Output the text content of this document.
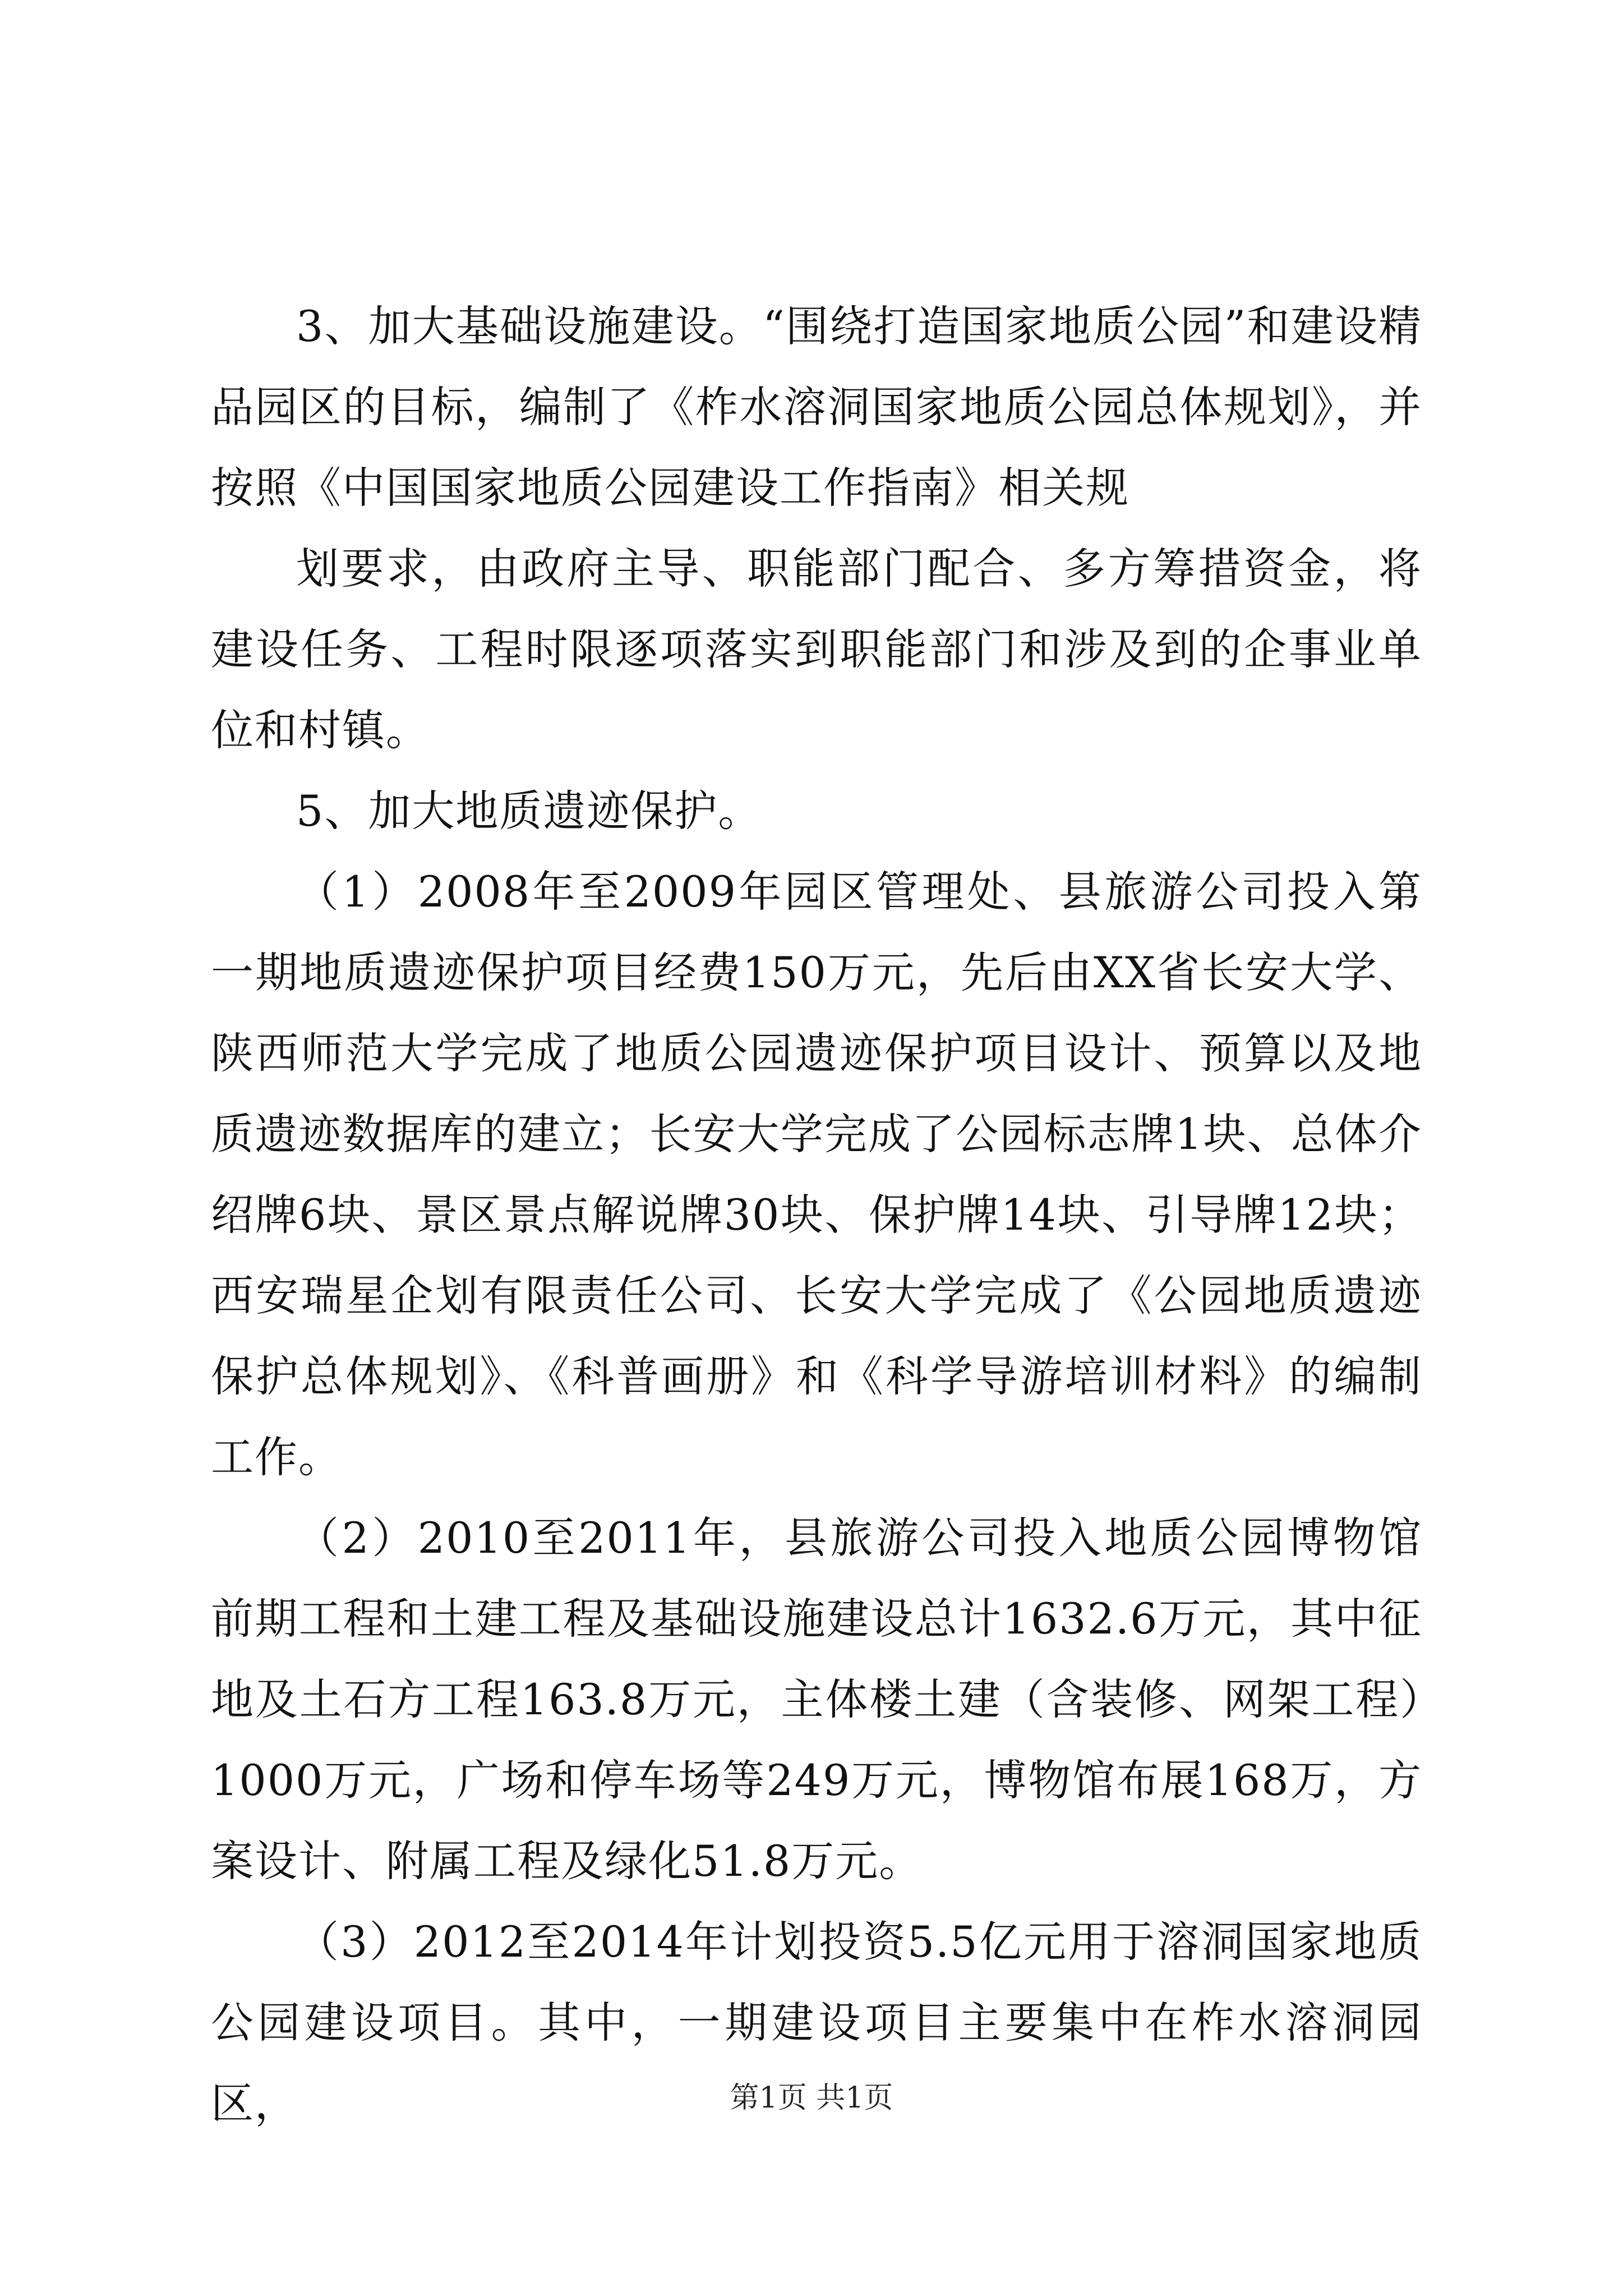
3、加大基础设施建设。“围绕打造国家地质公园”和建设精品园区的目标，编制了《柞水溶洞国家地质公园总体规划》，并按照《中国国家地质公园建设工作指南》相关规

划要求，由政府主导、职能部门配合、多方筹措资金，将建设任务、工程时限逐项落实到职能部门和涉及到的企事业单位和村镇。

5、加大地质遗迹保护。

（1）2008年至2009年园区管理处、县旅游公司投入第一期地质遗迹保护项目经费150万元，先后由XX省长安大学、陕西师范大学完成了地质公园遗迹保护项目设计、预算以及地质遗迹数据库的建立；长安大学完成了公园标志牌1块、总体介绍牌6块、景区景点解说牌30块、保护牌14块、引导牌12块；西安瑞星企划有限责任公司、长安大学完成了《公园地质遗迹保护总体规划》、《科普画册》和《科学导游培训材料》的编制工作。

（2）2010至2011年，县旅游公司投入地质公园博物馆前期工程和土建工程及基础设施建设总计1632.6万元，其中征地及土石方工程163.8万元，主体楼土建（含装修、网架工程）1000万元，广场和停车场等249万元，博物馆布展168万，方案设计、附属工程及绿化51.8万元。

（3）2012至2014年计划投资5.5亿元用于溶洞国家地质公园建设项目。其中，一期建设项目主要集中在柞水溶洞园区，	第1页 共1页
